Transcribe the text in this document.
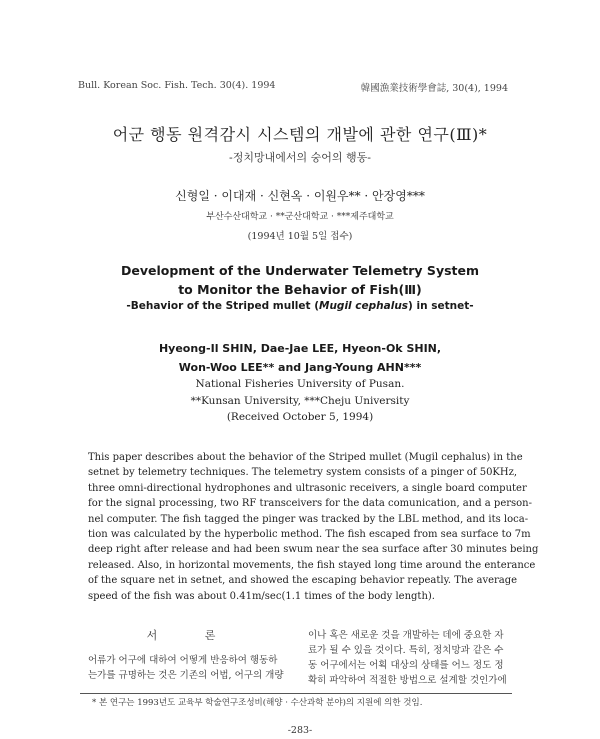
Bull. Korean Soc. Fish. Tech. 30(4). 1994	韓國漁業技術學會誌, 30(4), 1994
어군 행동 원격감시 시스템의 개발에 관한 연구(Ⅲ)*
-정치망내에서의 숭어의 행동-
신형일 · 이대재 · 신현옥 · 이원우** · 안장영***
부산수산대학교 · **군산대학교 · ***제주대학교
(1994년 10월 5일 접수)
Development of the Underwater Telemetry System
to Monitor the Behavior of Fish(Ⅲ)
-Behavior of the Striped mullet (Mugil cephalus) in setnet-
Hyeong-Il SHIN, Dae-Jae LEE, Hyeon-Ok SHIN,
Won-Woo LEE** and Jang-Young AHN***
National Fisheries University of Pusan.
**Kunsan University, ***Cheju University
(Received October 5, 1994)
This paper describes about the behavior of the Striped mullet (Mugil cephalus) in the
setnet by telemetry techniques. The telemetry system consists of a pinger of 50KHz,
three omni-directional hydrophones and ultrasonic receivers, a single board computer
for the signal processing, two RF transceivers for the data comunication, and a person-
nel computer. The fish tagged the pinger was tracked by the LBL method, and its loca-
tion was calculated by the hyperbolic method. The fish escaped from sea surface to 7m
deep right after release and had been swum near the sea surface after 30 minutes being
released. Also, in horizontal movements, the fish stayed long time around the enterance
of the square net in setnet, and showed the escaping behavior repeatly. The average
speed of the fish was about 0.41m/sec(1.1 times of the body length).
서 론
어류가 어구에 대하여 어떻게 반응하여 행동하
는가를 규명하는 것은 기존의 어법, 어구의 개량
이나 혹은 새로운 것을 개발하는 데에 중요한 자
료가 될 수 있을 것이다. 특히, 정치망과 같은 수
동 어구에서는 어획 대상의 상태를 어느 정도 정
확히 파악하여 적절한 방법으로 설계할 것인가에
* 본 연구는 1993년도 교육부 학술연구조성비(해양 · 수산과학 분야)의 지원에 의한 것임.
-283-
